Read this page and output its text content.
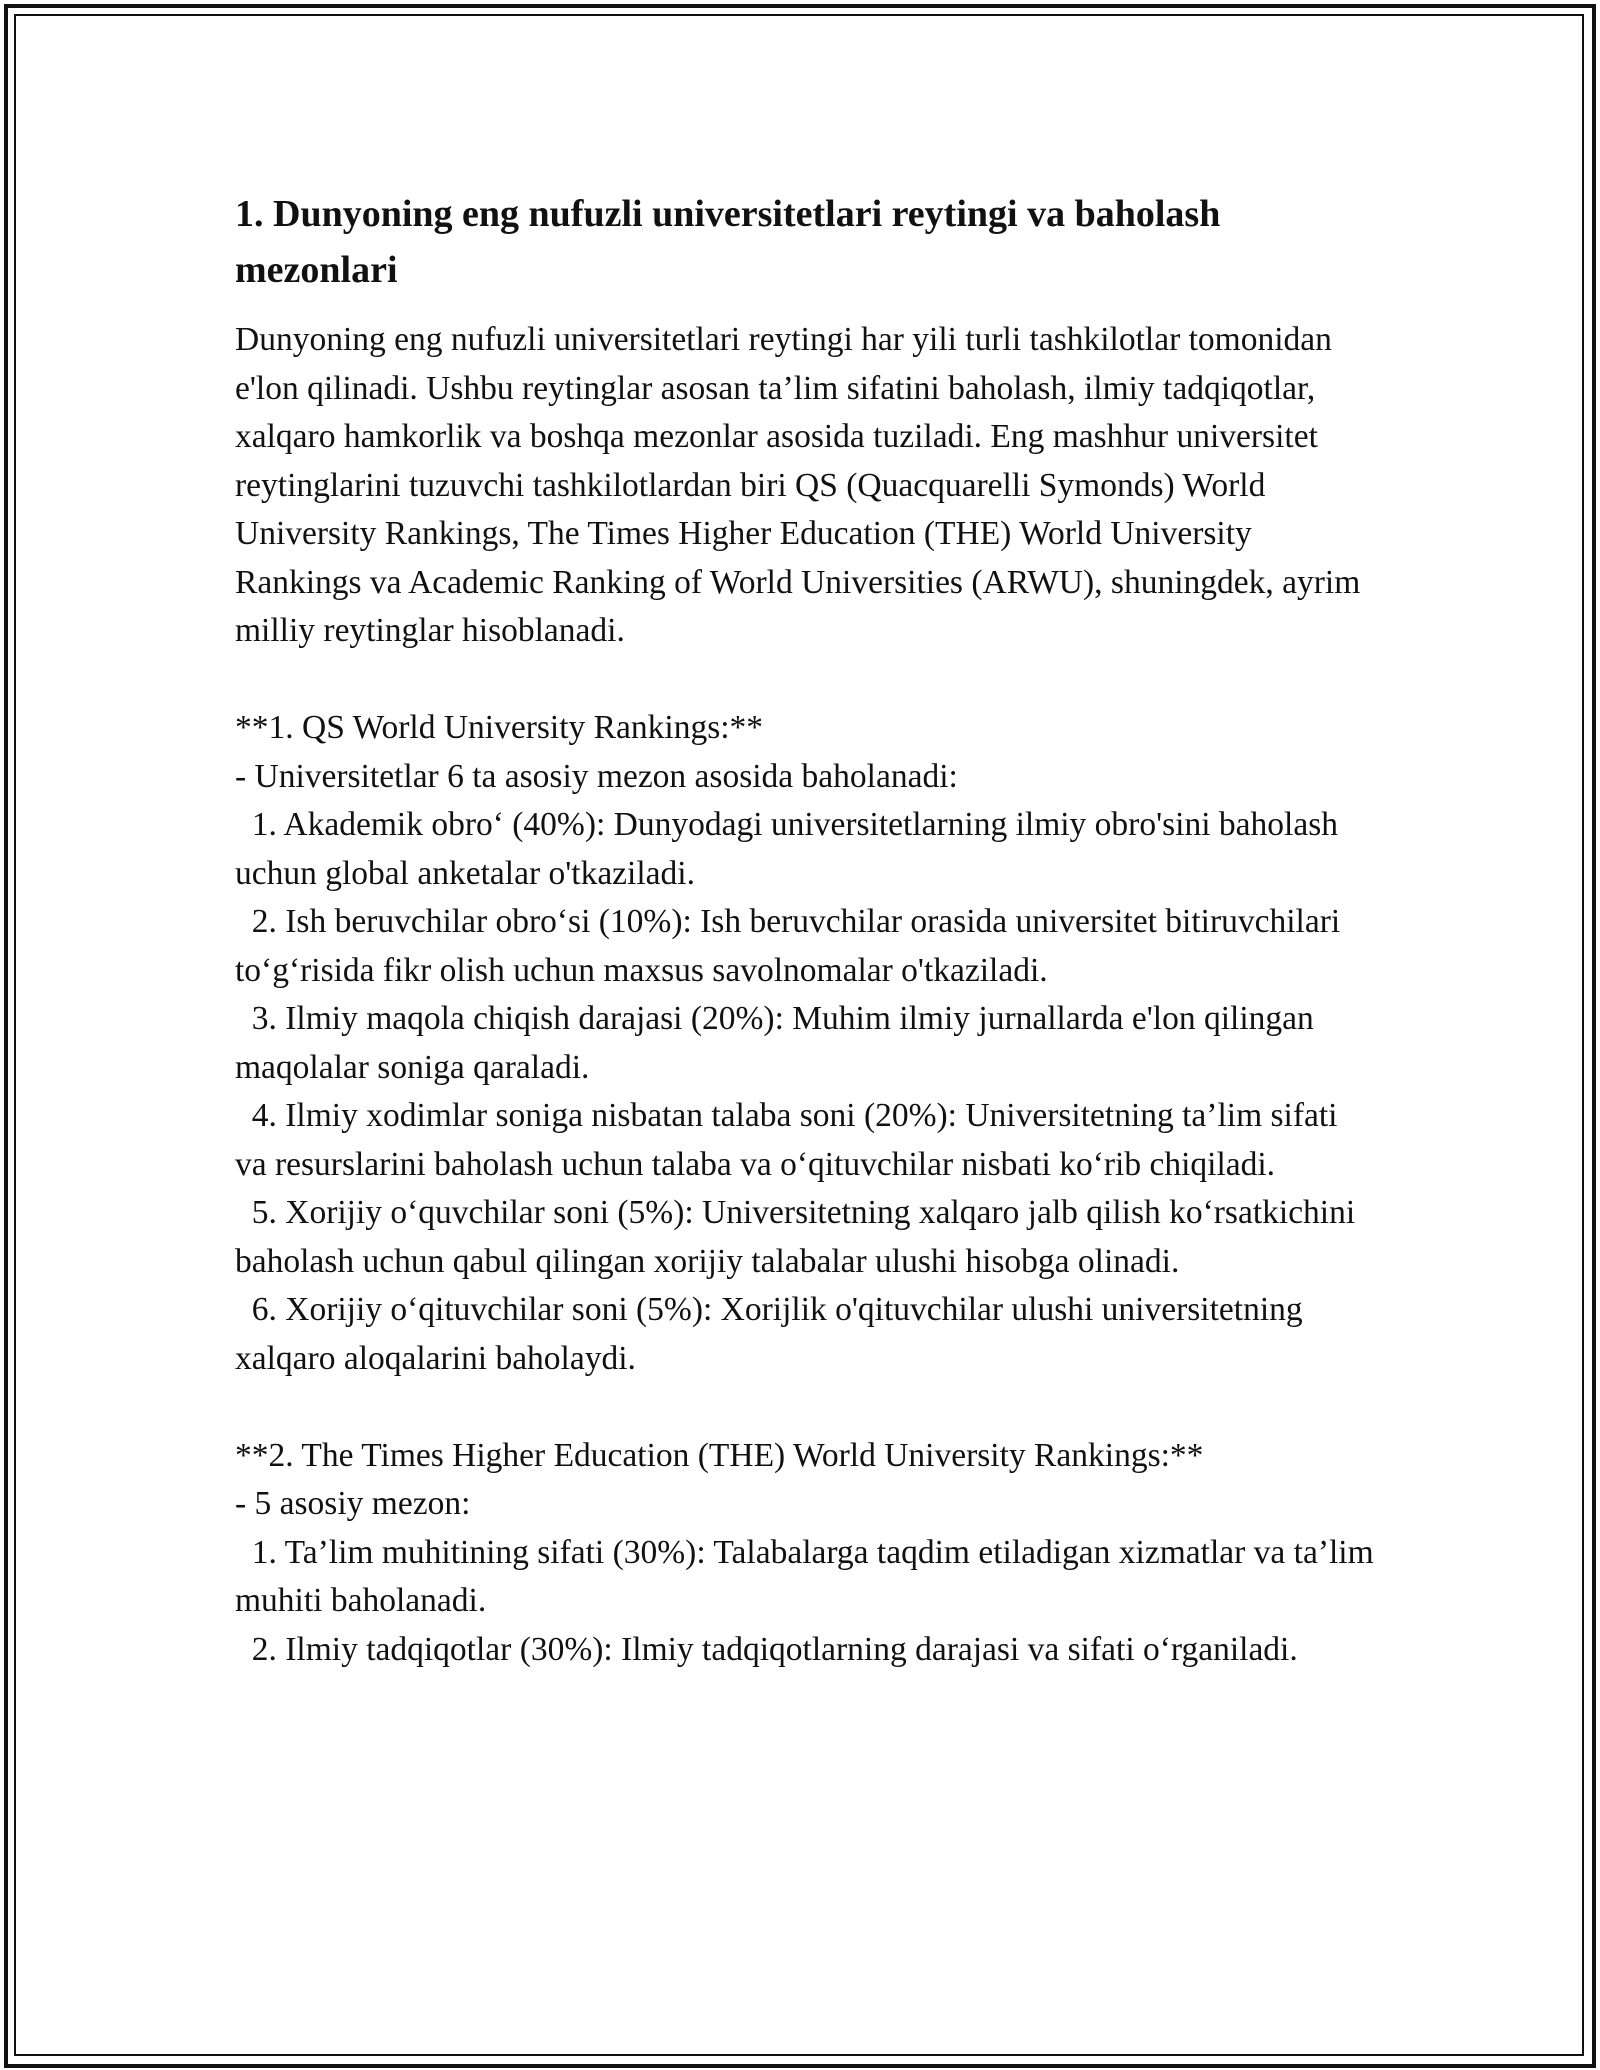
1. Dunyoning eng nufuzli universitetlari reytingi va baholash mezonlari

Dunyoning eng nufuzli universitetlari reytingi har yili turli tashkilotlar tomonidan e'lon qilinadi. Ushbu reytinglar asosan ta’lim sifatini baholash, ilmiy tadqiqotlar, xalqaro hamkorlik va boshqa mezonlar asosida tuziladi. Eng mashhur universitet reytinglarini tuzuvchi tashkilotlardan biri QS (Quacquarelli Symonds) World University Rankings, The Times Higher Education (THE) World University Rankings va Academic Ranking of World Universities (ARWU), shuningdek, ayrim milliy reytinglar hisoblanadi.

**1. QS World University Rankings:**

- Universitetlar 6 ta asosiy mezon asosida baholanadi:

1. Akademik obro‘ (40%): Dunyodagi universitetlarning ilmiy obro'sini baholash uchun global anketalar o'tkaziladi.

2. Ish beruvchilar obro‘si (10%): Ish beruvchilar orasida universitet bitiruvchilari to‘g‘risida fikr olish uchun maxsus savolnomalar o'tkaziladi.

3. Ilmiy maqola chiqish darajasi (20%): Muhim ilmiy jurnallarda e'lon qilingan maqolalar soniga qaraladi.

4. Ilmiy xodimlar soniga nisbatan talaba soni (20%): Universitetning ta’lim sifati va resurslarini baholash uchun talaba va o‘qituvchilar nisbati ko‘rib chiqiladi.

5. Xorijiy o‘quvchilar soni (5%): Universitetning xalqaro jalb qilish ko‘rsatkichini baholash uchun qabul qilingan xorijiy talabalar ulushi hisobga olinadi.

6. Xorijiy o‘qituvchilar soni (5%): Xorijlik o'qituvchilar ulushi universitetning xalqaro aloqalarini baholaydi.

**2. The Times Higher Education (THE) World University Rankings:**

- 5 asosiy mezon:

1. Ta’lim muhitining sifati (30%): Talabalarga taqdim etiladigan xizmatlar va ta’lim muhiti baholanadi.

2. Ilmiy tadqiqotlar (30%): Ilmiy tadqiqotlarning darajasi va sifati o‘rganiladi.
